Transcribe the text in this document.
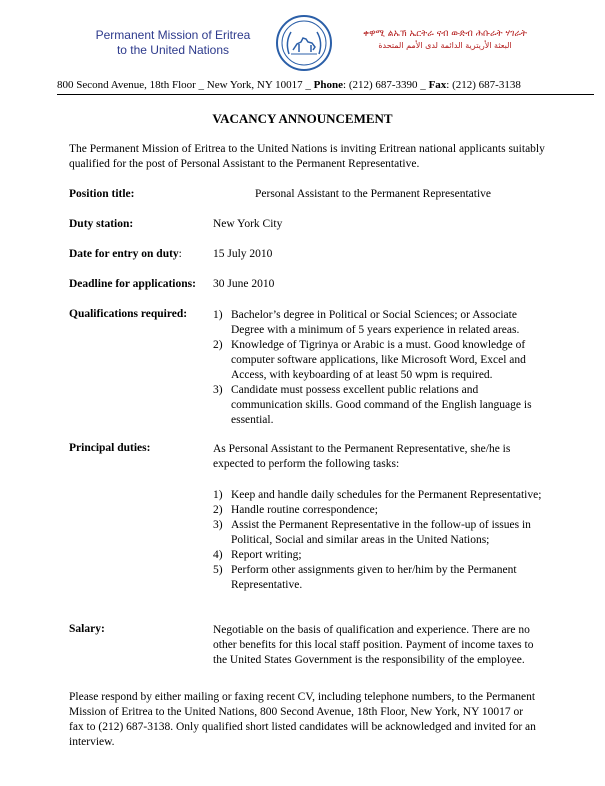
Permanent Mission of Eritrea
to the United Nations
ቀዋሚ ልኡኽ ኤርትራ ናብ ውድብ ሕቡራት ሃገራት
البعثة الأريترية الدائمة لدى الأمم المتحدة
800 Second Avenue, 18th Floor _ New York, NY 10017 _ Phone: (212) 687-3390 _ Fax: (212) 687-3138
VACANCY ANNOUNCEMENT
The Permanent Mission of Eritrea to the United Nations is inviting Eritrean national applicants suitably qualified for the post of Personal Assistant to the Permanent Representative.
Position title:	Personal Assistant to the Permanent Representative
Duty station:	New York City
Date for entry on duty:	15 July 2010
Deadline for applications: 30 June 2010
Qualifications required: 1) Bachelor’s degree in Political or Social Sciences; or Associate Degree with a minimum of 5 years experience in related areas.
2) Knowledge of Tigrinya or Arabic is a must. Good knowledge of computer software applications, like Microsoft Word, Excel and Access, with keyboarding of at least 50 wpm is required.
3) Candidate must possess excellent public relations and communication skills. Good command of the English language is essential.
Principal duties:	As Personal Assistant to the Permanent Representative, she/he is expected to perform the following tasks:
1) Keep and handle daily schedules for the Permanent Representative;
2) Handle routine correspondence;
3) Assist the Permanent Representative in the follow-up of issues in Political, Social and similar areas in the United Nations;
4) Report writing;
5) Perform other assignments given to her/him by the Permanent Representative.
Salary:	Negotiable on the basis of qualification and experience. There are no other benefits for this local staff position. Payment of income taxes to the United States Government is the responsibility of the employee.
Please respond by either mailing or faxing recent CV, including telephone numbers, to the Permanent Mission of Eritrea to the United Nations, 800 Second Avenue, 18th Floor, New York, NY 10017 or fax to (212) 687-3138. Only qualified short listed candidates will be acknowledged and invited for an interview.
